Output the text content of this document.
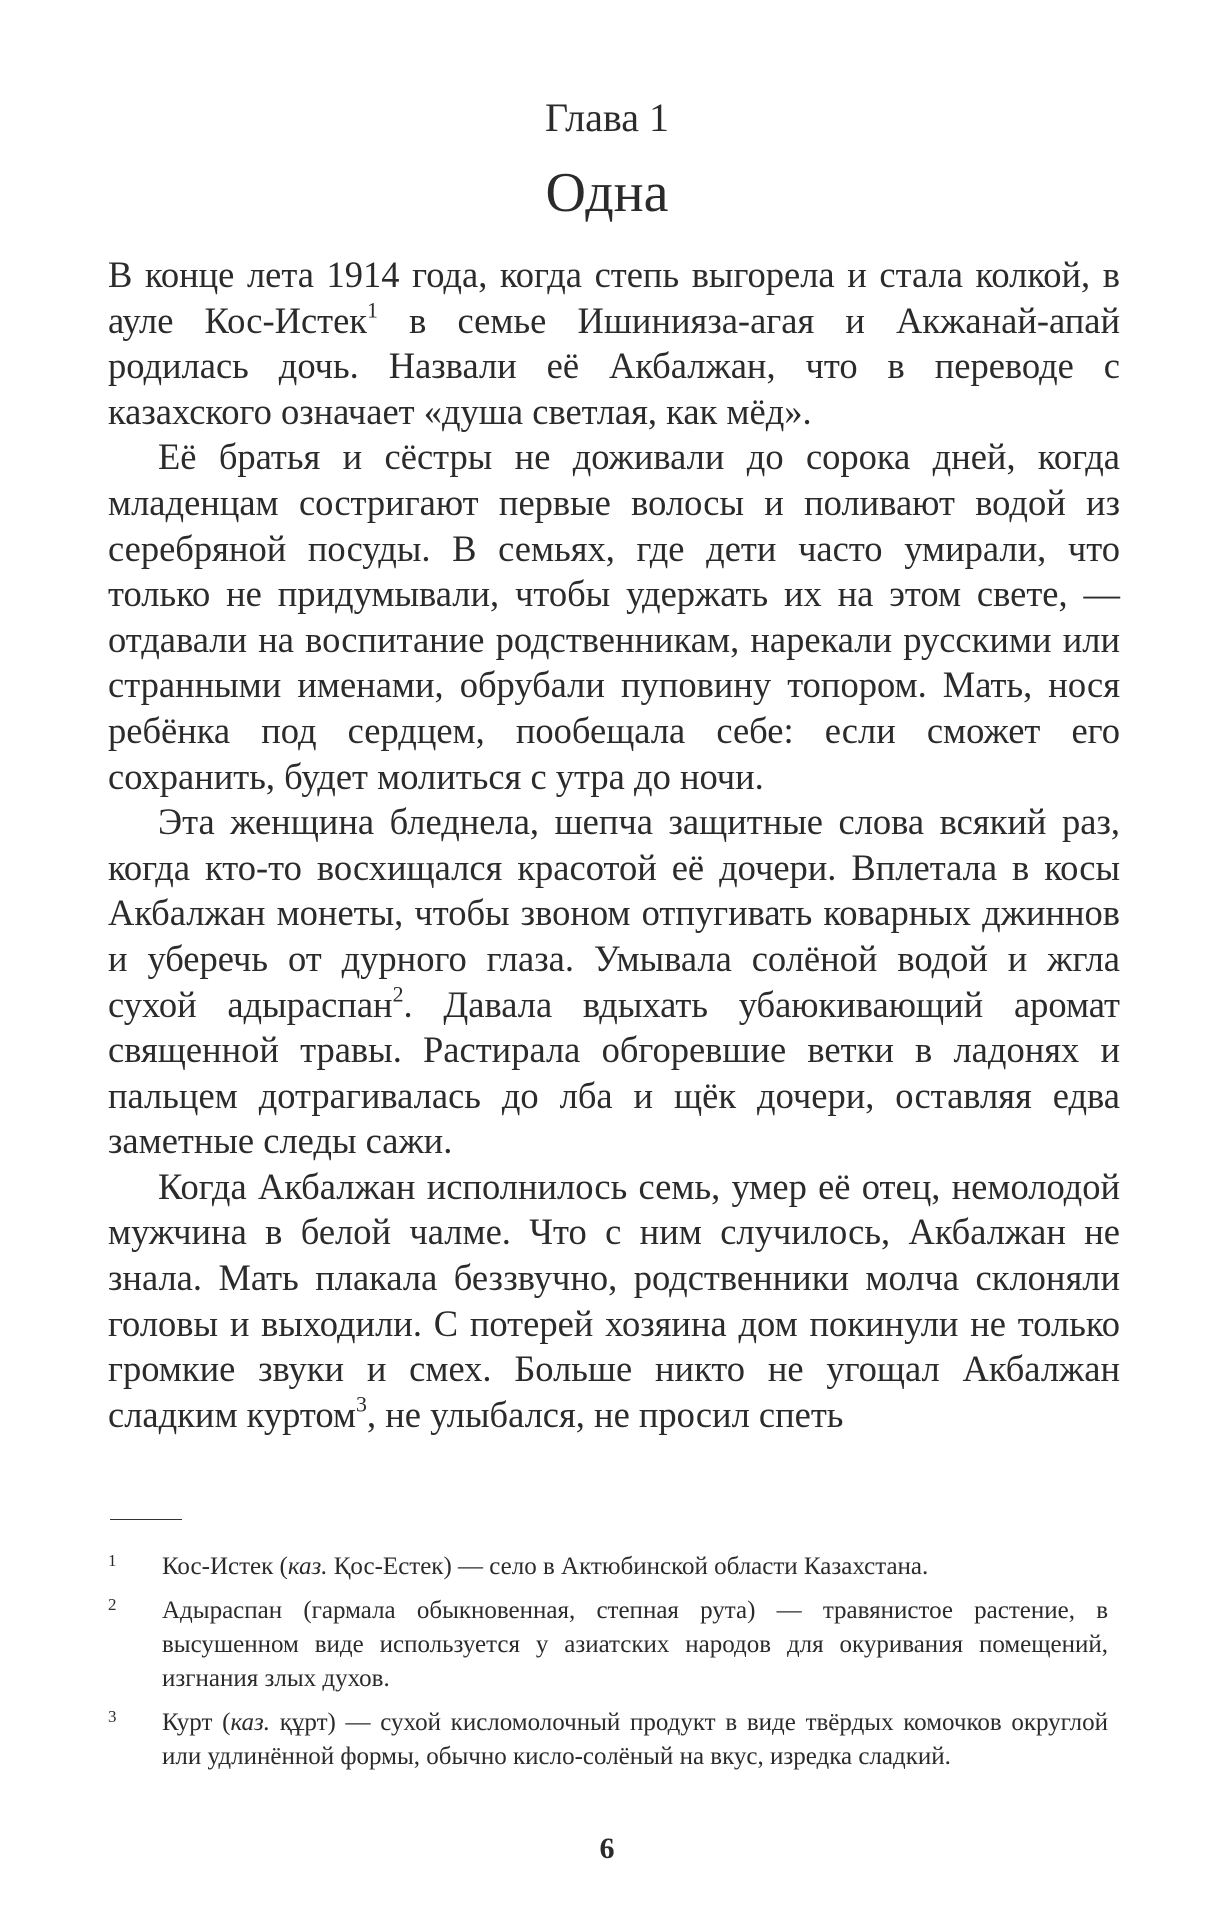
Глава 1
Одна

В конце лета 1914 года, когда степь выгорела и стала колкой, в ауле Кос-Истек$^1$ в семье Ишинияза-агая и Акжанай-апай родилась дочь. Назвали её Акбалжан, что в переводе с казахского означает «душа светлая, как мёд».

Её братья и сёстры не доживали до сорока дней, когда младенцам состригают первые волосы и поливают водой из серебряной посуды. В семьях, где дети часто умирали, что только не придумывали, чтобы удержать их на этом свете, — отдавали на воспитание родственникам, нарекали русскими или странными именами, обрубали пуповину топором. Мать, нося ребёнка под сердцем, пообещала себе: если сможет его сохранить, будет молиться с утра до ночи.

Эта женщина бледнела, шепча защитные слова всякий раз, когда кто-то восхищался красотой её дочери. Вплетала в косы Акбалжан монеты, чтобы звоном отпугивать коварных джиннов и уберечь от дурного глаза. Умывала солёной водой и жгла сухой адыраспан$^2$. Давала вдыхать убаюкивающий аромат священной травы. Растирала обгоревшие ветки в ладонях и пальцем дотрагивалась до лба и щёк дочери, оставляя едва заметные следы сажи.

Когда Акбалжан исполнилось семь, умер её отец, немолодой мужчина в белой чалме. Что с ним случилось, Акбалжан не знала. Мать плакала беззвучно, родственники молча склоняли головы и выходили. С потерей хозяина дом покинули не только громкие звуки и смех. Больше никто не угощал Акбалжан сладким куртом$^3$, не улыбался, не просил спеть

1 Кос-Истек (каз. Қос-Естек) — село в Актюбинской области Казахстана.
2 Адыраспан (гармала обыкновенная, степная рута) — травянистое растение, в высушенном виде используется у азиатских народов для окуривания помещений, изгнания злых духов.
3 Курт (каз. құрт) — сухой кисломолочный продукт в виде твёрдых комочков округлой или удлинённой формы, обычно кисло-солёный на вкус, изредка сладкий.
6
